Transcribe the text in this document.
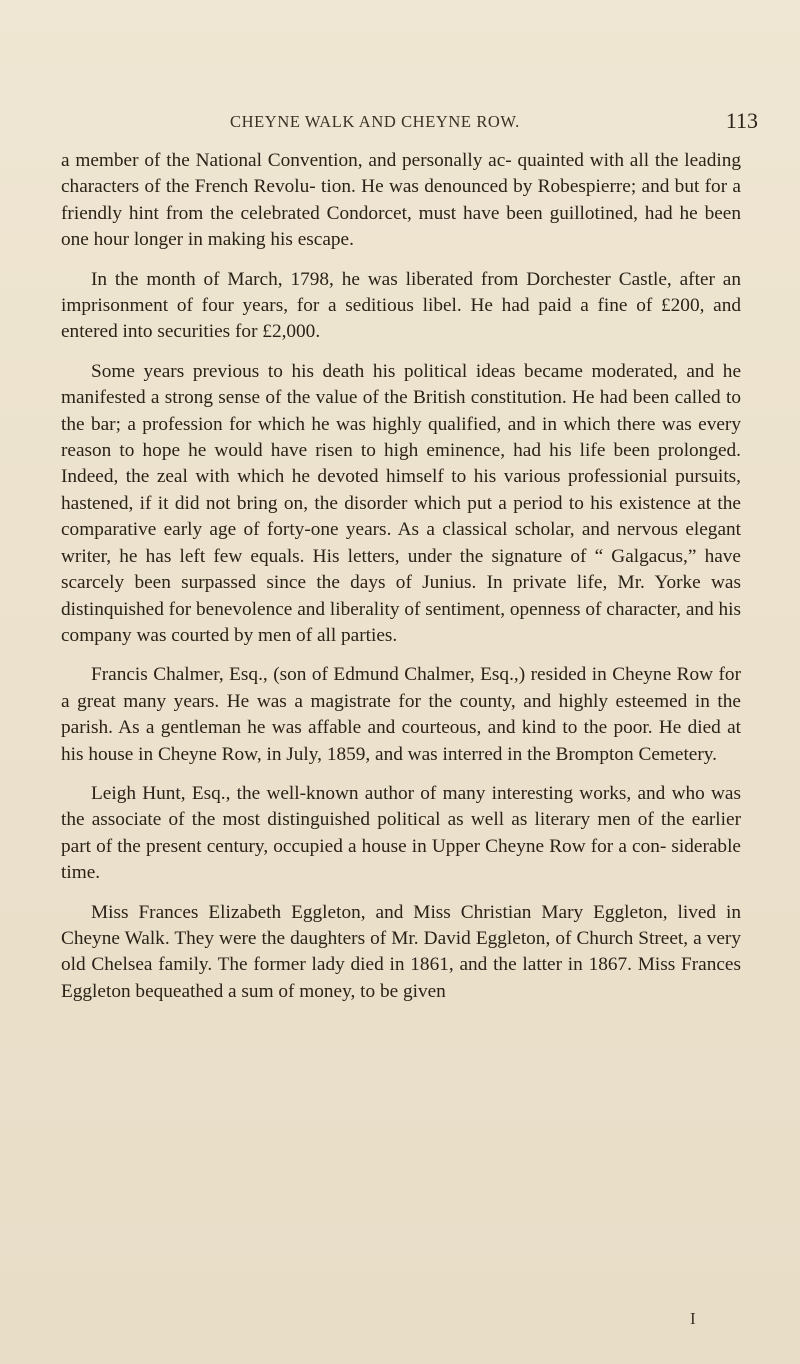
CHEYNE WALK AND CHEYNE ROW.	113

a member of the National Convention, and personally ac- quainted with all the leading characters of the French Revolu- tion. He was denounced by Robespierre; and but for a friendly hint from the celebrated Condorcet, must have been guillotined, had he been one hour longer in making his escape.

In the month of March, 1798, he was liberated from Dorchester Castle, after an imprisonment of four years, for a seditious libel. He had paid a fine of £200, and entered into securities for £2,000.

Some years previous to his death his political ideas became moderated, and he manifested a strong sense of the value of the British constitution. He had been called to the bar; a profession for which he was highly qualified, and in which there was every reason to hope he would have risen to high eminence, had his life been prolonged. Indeed, the zeal with which he devoted himself to his various professionial pursuits, hastened, if it did not bring on, the disorder which put a period to his existence at the comparative early age of forty-one years. As a classical scholar, and nervous elegant writer, he has left few equals. His letters, under the signature of “ Galgacus,” have scarcely been surpassed since the days of Junius. In private life, Mr. Yorke was distinquished for benevolence and liberality of sentiment, openness of character, and his company was courted by men of all parties.

Francis Chalmer, Esq., (son of Edmund Chalmer, Esq.,) resided in Cheyne Row for a great many years. He was a magistrate for the county, and highly esteemed in the parish. As a gentleman he was affable and courteous, and kind to the poor. He died at his house in Cheyne Row, in July, 1859, and was interred in the Brompton Cemetery.

Leigh Hunt, Esq., the well-known author of many interesting works, and who was the associate of the most distinguished political as well as literary men of the earlier part of the present century, occupied a house in Upper Cheyne Row for a con- siderable time.

Miss Frances Elizabeth Eggleton, and Miss Christian Mary Eggleton, lived in Cheyne Walk. They were the daughters of Mr. David Eggleton, of Church Street, a very old Chelsea family. The former lady died in 1861, and the latter in 1867. Miss Frances Eggleton bequeathed a sum of money, to be given

I
